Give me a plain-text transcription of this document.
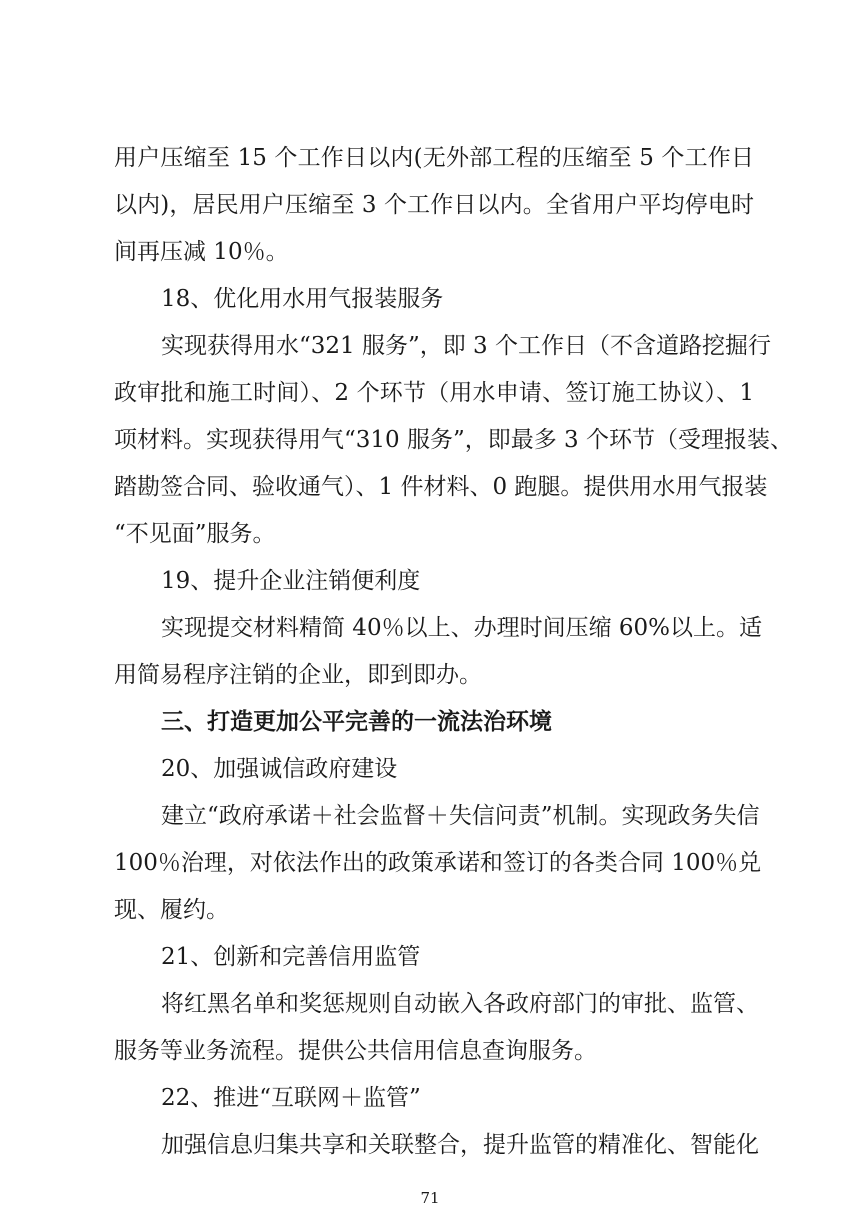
用户压缩至 15 个工作日以内(无外部工程的压缩至 5 个工作日
以内)，居民用户压缩至 3 个工作日以内。全省用户平均停电时
间再压减 10％。
18、优化用水用气报装服务
实现获得用水“321 服务”，即 3 个工作日（不含道路挖掘行
政审批和施工时间）、2 个环节（用水申请、签订施工协议）、1
项材料。实现获得用气“310 服务”，即最多 3 个环节（受理报装、
踏勘签合同、验收通气）、1 件材料、0 跑腿。提供用水用气报装
“不见面”服务。
19、提升企业注销便利度
实现提交材料精简 40％以上、办理时间压缩 60%以上。适
用简易程序注销的企业，即到即办。
三、打造更加公平完善的一流法治环境
20、加强诚信政府建设
建立“政府承诺＋社会监督＋失信问责”机制。实现政务失信
100％治理，对依法作出的政策承诺和签订的各类合同 100％兑
现、履约。
21、创新和完善信用监管
将红黑名单和奖惩规则自动嵌入各政府部门的审批、监管、
服务等业务流程。提供公共信用信息查询服务。
22、推进“互联网＋监管”
加强信息归集共享和关联整合，提升监管的精准化、智能化
71
